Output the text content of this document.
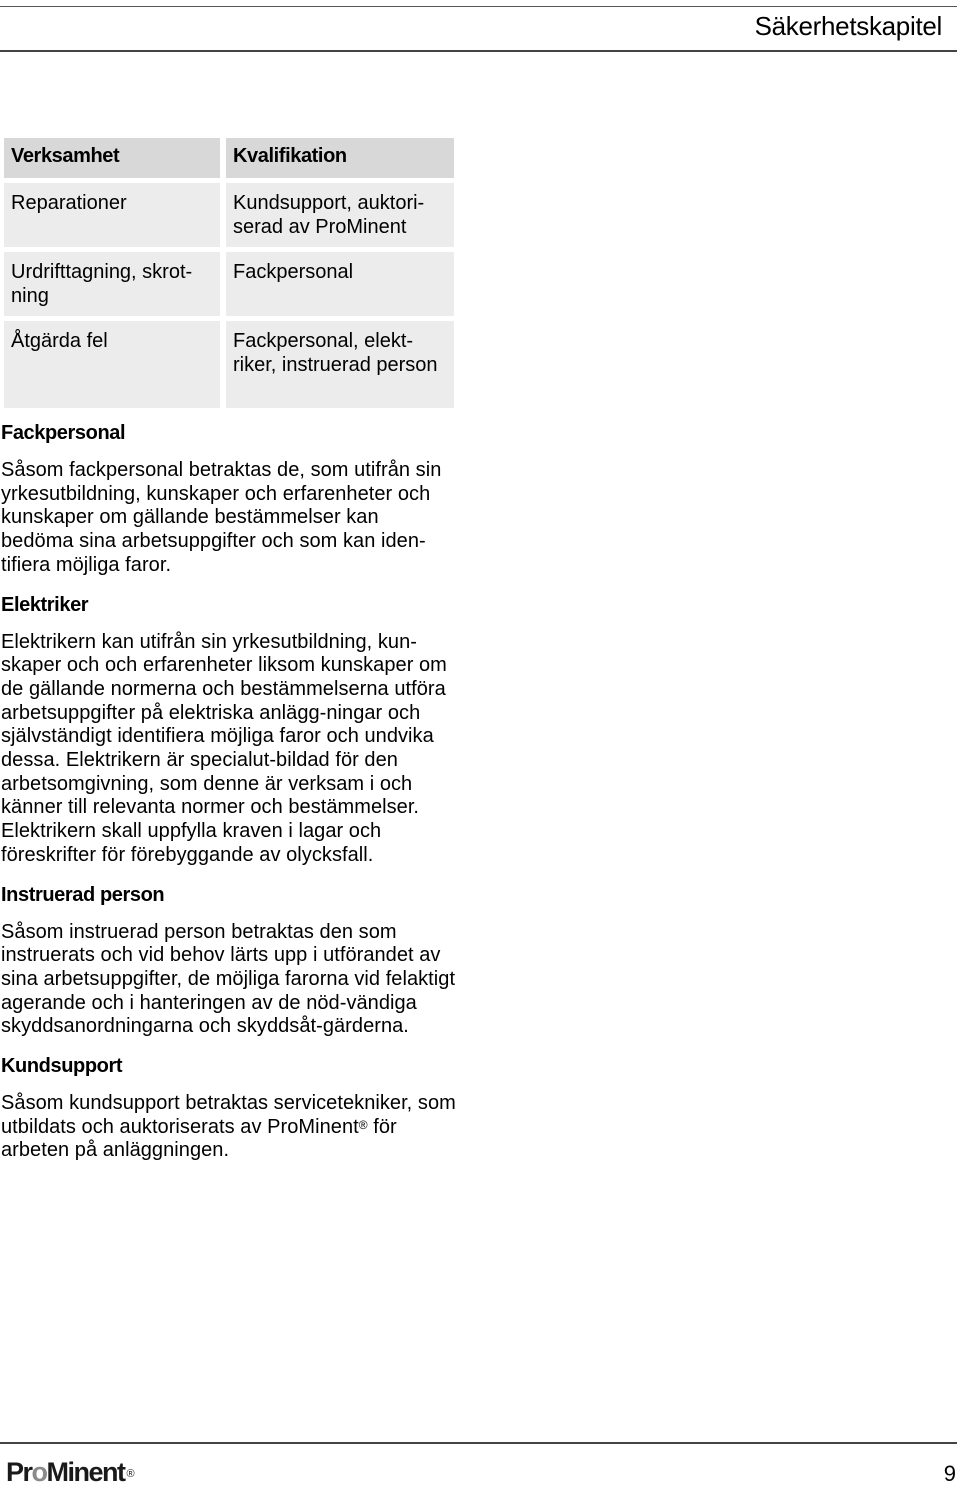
Säkerhetskapitel
Verksamhet	Kvalifikation

Reparationer	Kundsupport, auktori-serad av ProMinent

Urdrifttagning, skrot-ning	Fackpersonal

Åtgärda fel	Fackpersonal, elekt-riker, instruerad person
Fackpersonal

Såsom fackpersonal betraktas de, som utifrån sin yrkesutbildning, kunskaper och erfarenheter och kunskaper om gällande bestämmelser kan bedöma sina arbetsuppgifter och som kan iden-tifiera möjliga faror.

Elektriker

Elektrikern kan utifrån sin yrkesutbildning, kun-skaper och och erfarenheter liksom kunskaper om de gällande normerna och bestämmelserna utföra arbetsuppgifter på elektriska anlägg-ningar och självständigt identifiera möjliga faror och undvika dessa. Elektrikern är specialut-bildad för den arbetsomgivning, som denne är verksam i och känner till relevanta normer och bestämmelser. Elektrikern skall uppfylla kraven i lagar och föreskrifter för förebyggande av olycksfall.

Instruerad person

Såsom instruerad person betraktas den som instruerats och vid behov lärts upp i utförandet av sina arbetsuppgifter, de möjliga farorna vid felaktigt agerande och i hanteringen av de nöd-vändiga skyddsanordningarna och skyddsåt-gärderna.

Kundsupport

Såsom kundsupport betraktas servicetekniker, som utbildats och auktoriserats av ProMinent® för arbeten på anläggningen.

ProMinent ®	9
